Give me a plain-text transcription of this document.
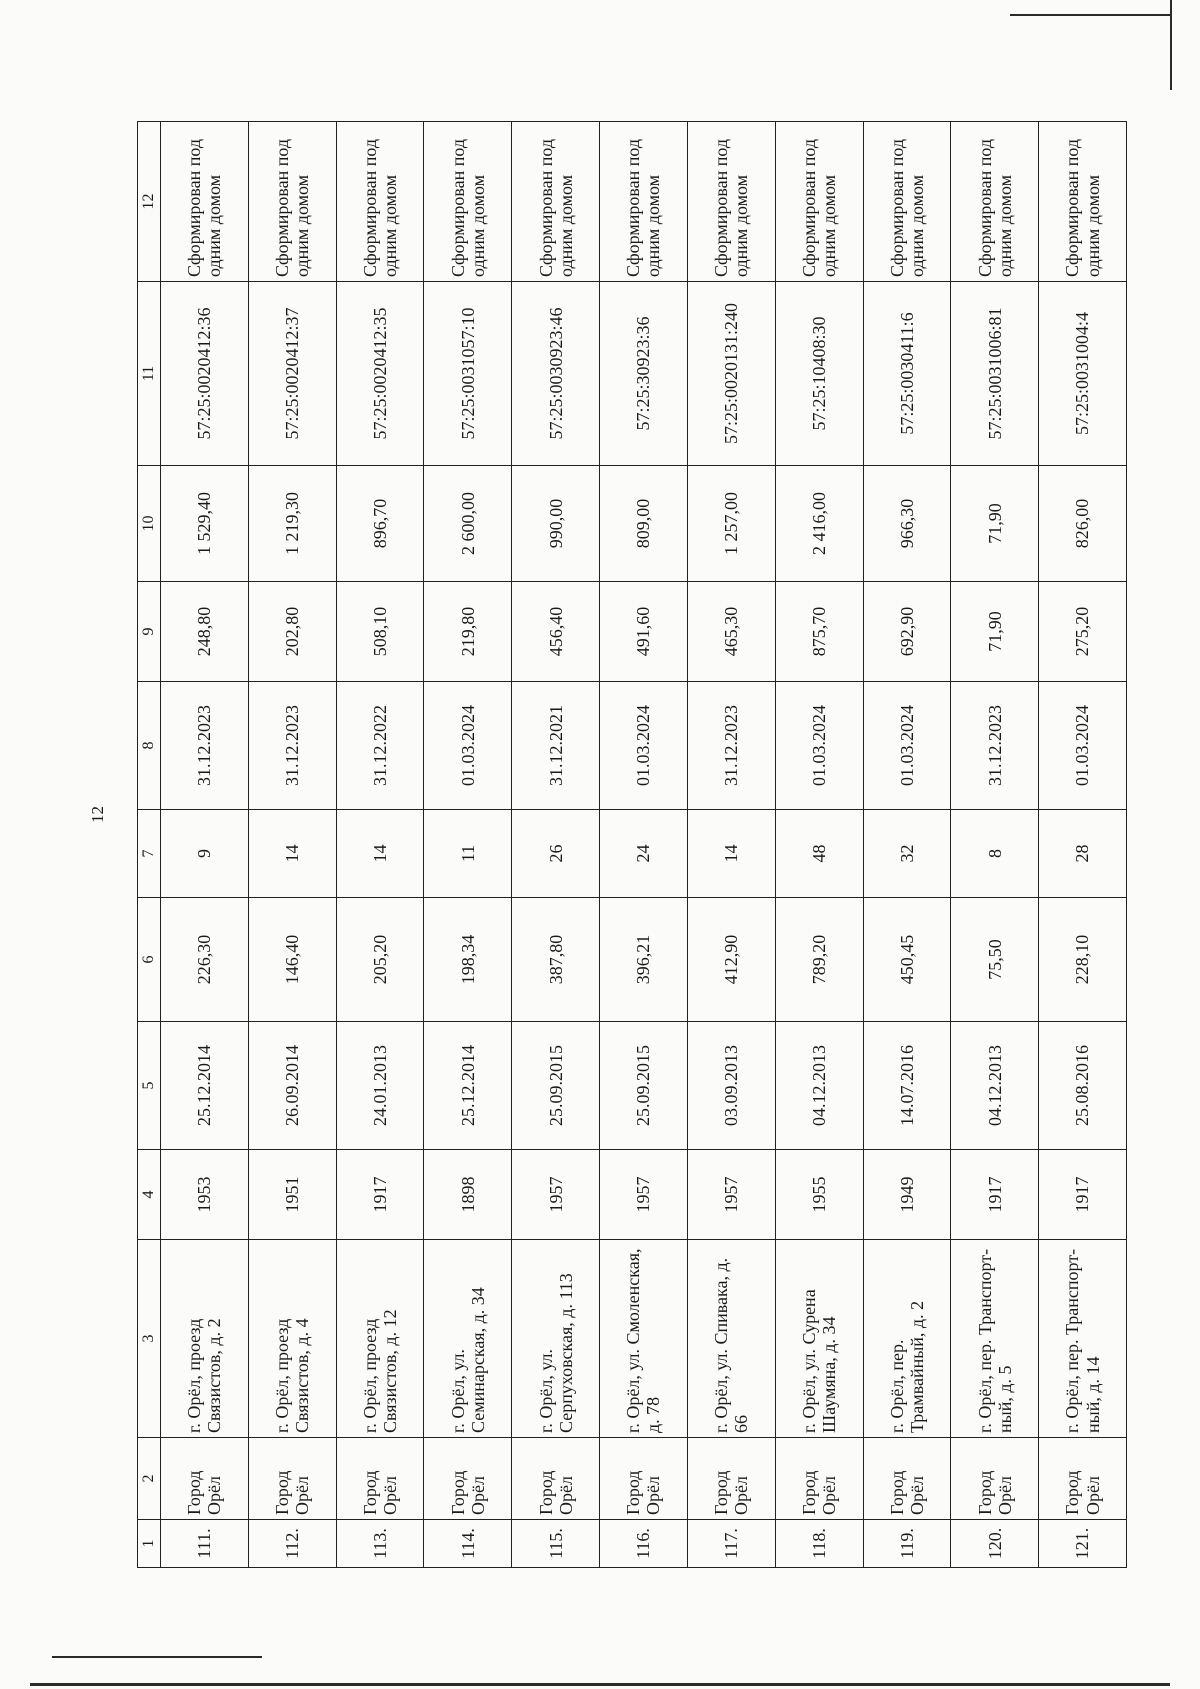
12
1	2	3	4	5	6	7	8	9	10	11	12
111.	Город Орёл	г. Орёл, проезд Связистов, д. 2	1953	25.12.2014	226,30	9	31.12.2023	248,80	1 529,40	57:25:0020412:36	Сформирован под одним домом
112.	Город Орёл	г. Орёл, проезд Связистов, д. 4	1951	26.09.2014	146,40	14	31.12.2023	202,80	1 219,30	57:25:0020412:37	Сформирован под одним домом
113.	Город Орёл	г. Орёл, проезд Связистов, д. 12	1917	24.01.2013	205,20	14	31.12.2022	508,10	896,70	57:25:0020412:35	Сформирован под одним домом
114.	Город Орёл	г. Орёл, ул. Семинарская, д. 34	1898	25.12.2014	198,34	11	01.03.2024	219,80	2 600,00	57:25:0031057:10	Сформирован под одним домом
115.	Город Орёл	г. Орёл, ул. Серпуховская, д. 113	1957	25.09.2015	387,80	26	31.12.2021	456,40	990,00	57:25:0030923:46	Сформирован под одним домом
116.	Город Орёл	г. Орёл, ул. Смоленская, д. 78	1957	25.09.2015	396,21	24	01.03.2024	491,60	809,00	57:25:30923:36	Сформирован под одним домом
117.	Город Орёл	г. Орёл, ул. Спивака, д. 66	1957	03.09.2013	412,90	14	31.12.2023	465,30	1 257,00	57:25:0020131:240	Сформирован под одним домом
118.	Город Орёл	г. Орёл, ул. Сурена Шаумяна, д. 34	1955	04.12.2013	789,20	48	01.03.2024	875,70	2 416,00	57:25:10408:30	Сформирован под одним домом
119.	Город Орёл	г. Орёл, пер. Трамвайный, д. 2	1949	14.07.2016	450,45	32	01.03.2024	692,90	966,30	57:25:0030411:6	Сформирован под одним домом
120.	Город Орёл	г. Орёл, пер. Транспорт-ный, д. 5	1917	04.12.2013	75,50	8	31.12.2023	71,90	71,90	57:25:0031006:81	Сформирован под одним домом
121.	Город Орёл	г. Орёл, пер. Транспорт-ный, д. 14	1917	25.08.2016	228,10	28	01.03.2024	275,20	826,00	57:25:0031004:4	Сформирован под одним домом
